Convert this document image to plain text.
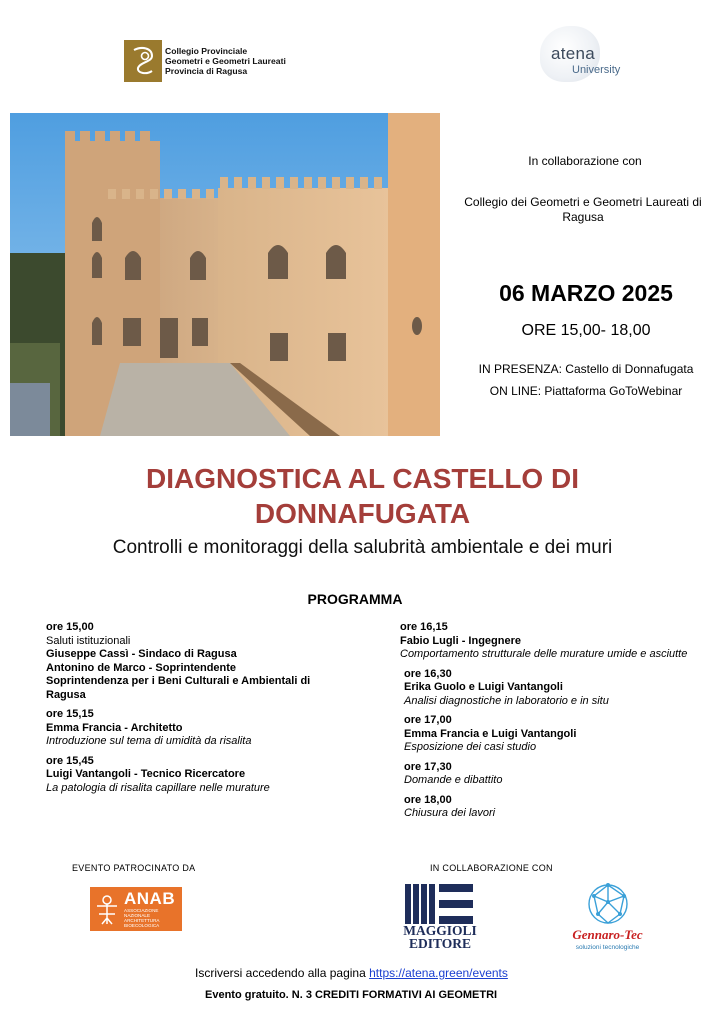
Collegio Provinciale
Geometri e Geometri Laureati
Provincia di Ragusa
atena
University
In collaborazione con
Collegio dei Geometri e Geometri Laureati di Ragusa
06 MARZO 2025
ORE 15,00- 18,00
IN PRESENZA: Castello di Donnafugata
ON LINE: Piattaforma GoToWebinar
DIAGNOSTICA AL CASTELLO DI DONNAFUGATA
Controlli e monitoraggi della salubrità ambientale e dei muri
PROGRAMMA
ore 15,00
Saluti istituzionali
Giuseppe Cassì - Sindaco di Ragusa
Antonino de Marco - Soprintendente
Soprintendenza per i Beni Culturali e Ambientali di Ragusa
ore 15,15
Emma Francia - Architetto
Introduzione sul tema di umidità da risalita
ore 15,45
Luigi Vantangoli - Tecnico Ricercatore
La patologia di risalita capillare nelle murature
ore 16,15
Fabio Lugli - Ingegnere
Comportamento strutturale delle murature umide e asciutte
ore 16,30
Erika Guolo e Luigi Vantangoli
Analisi diagnostiche in laboratorio e in situ
ore 17,00
Emma Francia e Luigi Vantangoli
Esposizione dei casi studio
ore 17,30
Domande e dibattito
ore 18,00
Chiusura dei lavori
EVENTO PATROCINATO DA	IN COLLABORAZIONE CON
ANAB
ASSOCIAZIONE
NAZIONALE
ARCHITETTURA
BIOECOLOGICA	MAGGIOLI
EDITORE
Gennaro-Tec
soluzioni tecnologiche
Iscriversi accedendo alla pagina https://atena.green/events
Evento gratuito. N. 3 CREDITI FORMATIVI AI GEOMETRI
